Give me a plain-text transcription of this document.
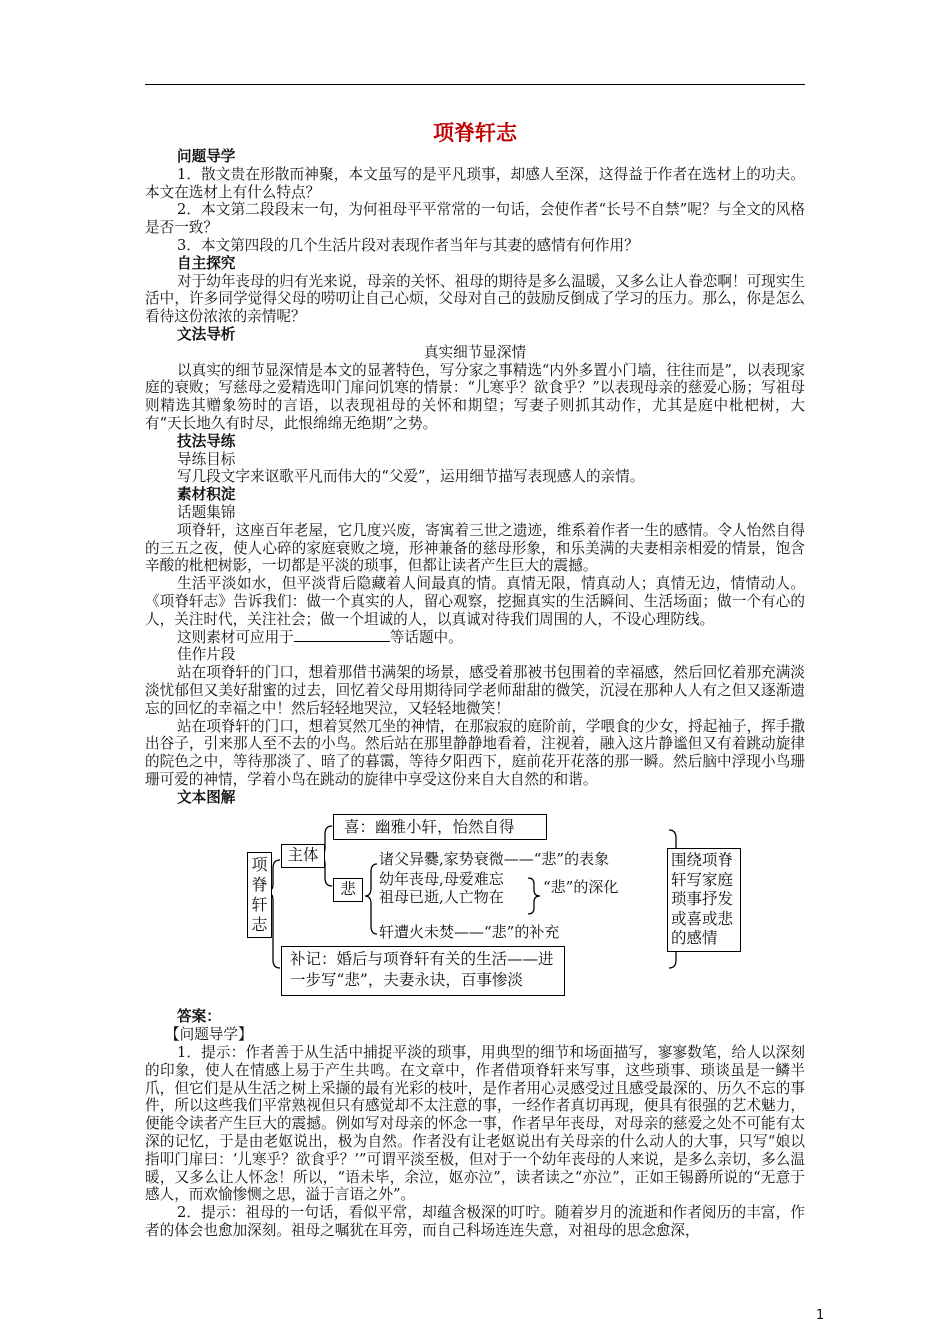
项脊轩志
问题导学

1．散文贵在形散而神聚，本文虽写的是平凡琐事，却感人至深，这得益于作者在选材上的功夫。本文在选材上有什么特点？

2．本文第二段段末一句，为何祖母平平常常的一句话，会使作者“长号不自禁”呢？与全文的风格是否一致？

3．本文第四段的几个生活片段对表现作者当年与其妻的感情有何作用？

自主探究

对于幼年丧母的归有光来说，母亲的关怀、祖母的期待是多么温暖，又多么让人眷恋啊！可现实生活中，许多同学觉得父母的唠叨让自己心烦，父母对自己的鼓励反倒成了学习的压力。那么，你是怎么看待这份浓浓的亲情呢？

文法导析

真实细节显深情

以真实的细节显深情是本文的显著特色，写分家之事精选“内外多置小门墙，往往而是”，以表现家庭的衰败；写慈母之爱精选叩门扉问饥寒的情景：“儿寒乎？欲食乎？”以表现母亲的慈爱心肠；写祖母则精选其赠象笏时的言语，以表现祖母的关怀和期望；写妻子则抓其动作，尤其是庭中枇杷树，大有“天长地久有时尽，此恨绵绵无绝期”之势。

技法导练

导练目标

写几段文字来讴歌平凡而伟大的“父爱”，运用细节描写表现感人的亲情。

素材积淀

话题集锦

项脊轩，这座百年老屋，它几度兴废，寄寓着三世之遗迹，维系着作者一生的感情。令人怡然自得的三五之夜，使人心碎的家庭衰败之境，形神兼备的慈母形象，和乐美满的夫妻相亲相爱的情景，饱含辛酸的枇杷树影，一切都是平淡的琐事，但都让读者产生巨大的震撼。

生活平淡如水，但平淡背后隐藏着人间最真的情。真情无限，情真动人；真情无边，情情动人。《项脊轩志》告诉我们：做一个真实的人，留心观察，挖掘真实的生活瞬间、生活场面；做一个有心的人，关注时代，关注社会；做一个坦诚的人，以真诚对待我们周围的人，不设心理防线。

这则素材可应用于	等话题中。

佳作片段

站在项脊轩的门口，想着那借书满架的场景，感受着那被书包围着的幸福感，然后回忆着那充满淡淡忧郁但又美好甜蜜的过去，回忆着父母用期待同学老师甜甜的微笑，沉浸在那种人人有之但又逐渐遗忘的回忆的幸福之中！然后轻轻地哭泣，又轻轻地微笑！

站在项脊轩的门口，想着冥然兀坐的神情，在那寂寂的庭阶前，学喂食的少女，捋起袖子，挥手撒出谷子，引来那人至不去的小鸟。然后站在那里静静地看着，注视着，融入这片静谧但又有着跳动旋律的院色之中，等待那淡了、暗了的暮霭，等待夕阳西下，庭前花开花落的那一瞬。然后脑中浮现小鸟珊珊可爱的神情，学着小鸟在跳动的旋律中享受这份来自大自然的和谐。

文本图解
项脊轩志
主体
喜：幽雅小轩，怡然自得
悲
诸父异爨,家势衰微——“悲”的表象
幼年丧母,母爱难忘
祖母已逝,人亡物在
“悲”的深化
轩遭火未焚——“悲”的补充
补记：婚后与项脊轩有关的生活——进一步写“悲”，夫妻永诀，百事惨淡
围绕项脊轩写家庭琐事抒发或喜或悲的感情
答案：

【问题导学】

1．提示：作者善于从生活中捕捉平淡的琐事，用典型的细节和场面描写，寥寥数笔，给人以深刻的印象，使人在情感上易于产生共鸣。在文章中，作者借项脊轩来写事，这些琐事、琐谈虽是一鳞半爪，但它们是从生活之树上采撷的最有光彩的枝叶，是作者用心灵感受过且感受最深的、历久不忘的事件，所以这些我们平常熟视但只有感觉却不太注意的事，一经作者真切再现，便具有很强的艺术魅力，便能令读者产生巨大的震撼。例如写对母亲的怀念一事，作者早年丧母，对母亲的慈爱之处不可能有太深的记忆，于是由老妪说出，极为自然。作者没有让老妪说出有关母亲的什么动人的大事，只写“娘以指叩门扉曰：‘儿寒乎？欲食乎？’”可谓平淡至极，但对于一个幼年丧母的人来说，是多么亲切，多么温暖，又多么让人怀念！所以，“语未毕，余泣，妪亦泣”，读者读之“亦泣”，正如王锡爵所说的“无意于感人，而欢愉惨恻之思，溢于言语之外”。

2．提示：祖母的一句话，看似平常，却蕴含极深的叮咛。随着岁月的流逝和作者阅历的丰富，作者的体会也愈加深刻。祖母之嘱犹在耳旁，而自己科场连连失意，对祖母的思念愈深，

1
